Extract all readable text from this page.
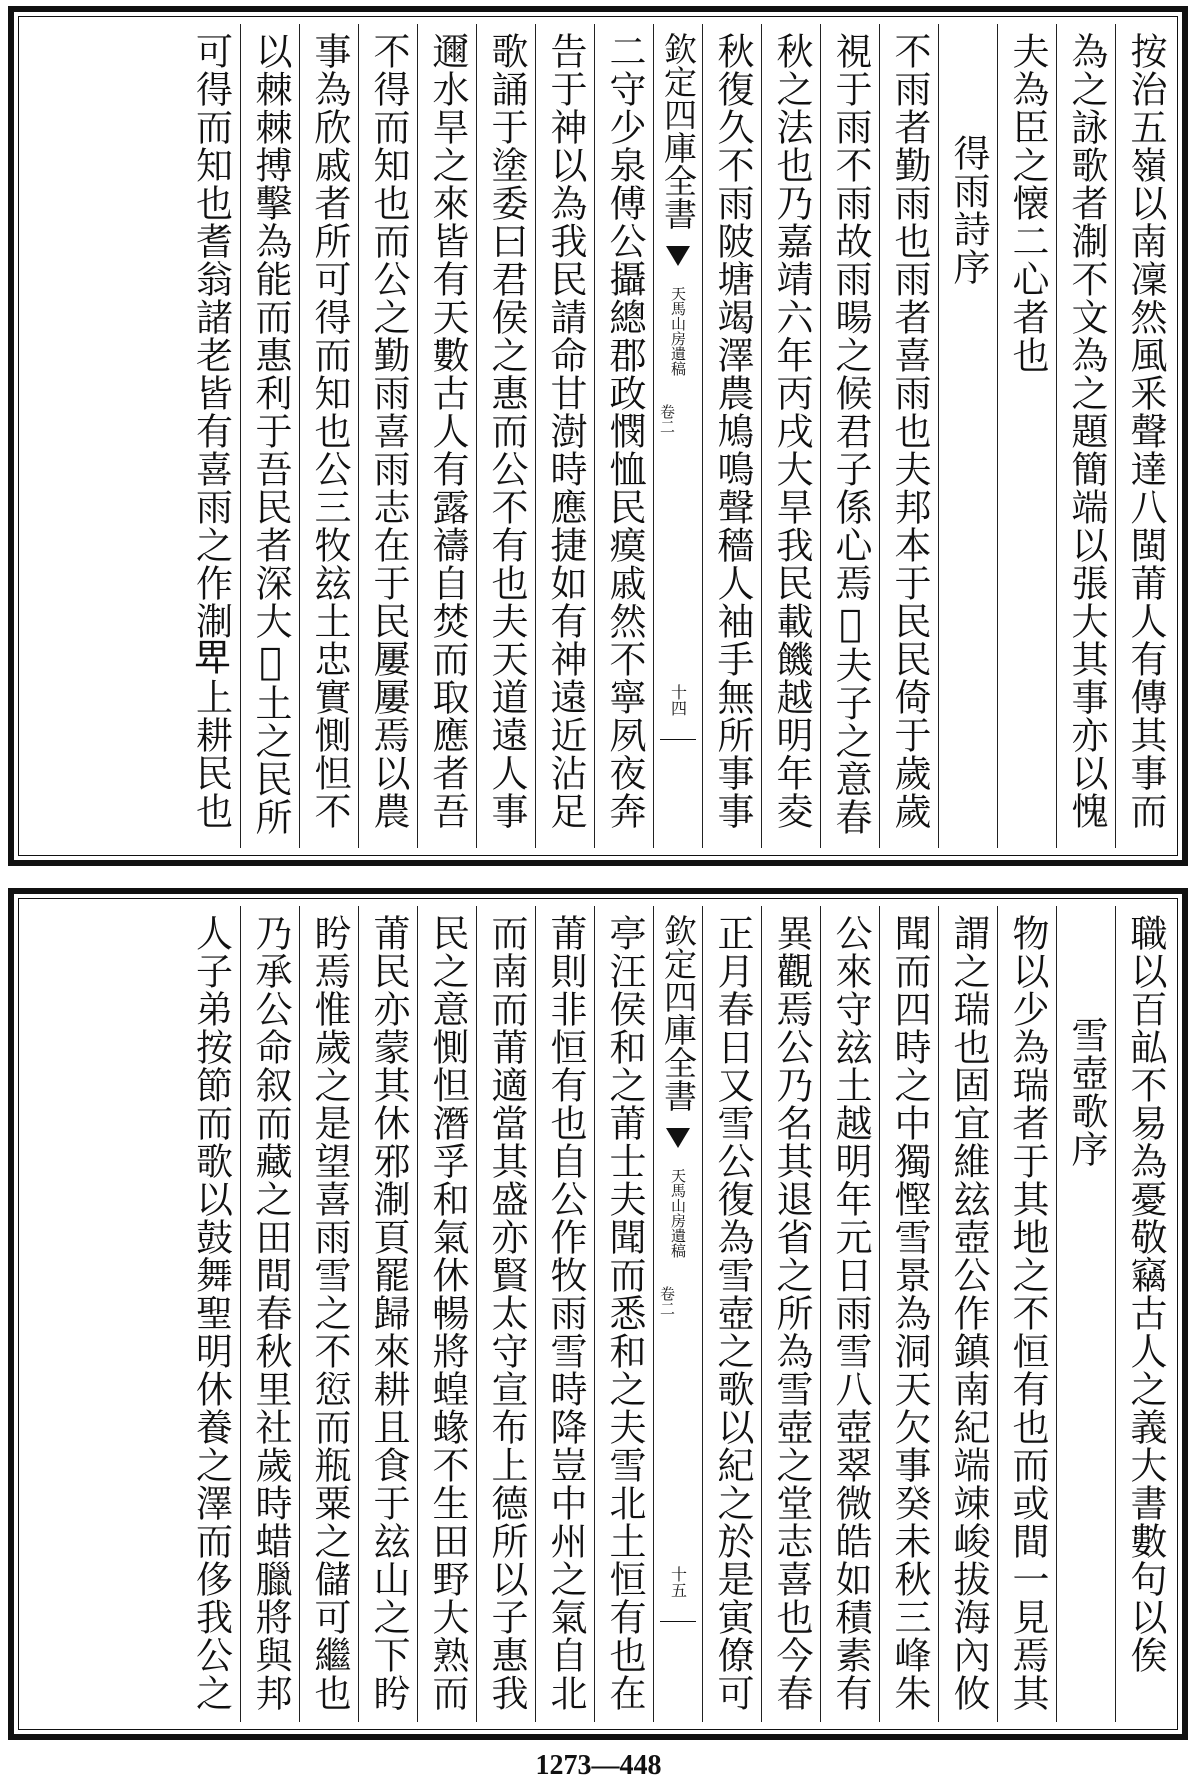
按治五嶺以南凜然風釆聲達八閩莆人有傳其事而
為之詠歌者淛不文為之題簡端以張大其事亦以愧
夫為臣之懐二心者也
得雨詩序
不雨者勤雨也雨者喜雨也夫邦本于民民倚于歲歲
視于雨不雨故雨暘之候君子係心焉𠂀夫子之意春
秋之法也乃嘉靖六年丙戌大旱我民載饑越明年夌
秋復久不雨陂塘竭澤農鳩鳴聲穡人袖手無所事事
欽定四庫全書
天馬山房遺稿
卷二
十四
二守少泉傅公攝總郡政憫恤民瘼戚然不寧夙夜奔
告于神以為我民請命甘澍時應捷如有神遠近沾足
歌誦于塗委曰君侯之惠而公不有也夫天道遠人事
邇水旱之來皆有天數古人有露禱自焚而取應者吾
不得而知也而公之勤雨喜雨志在于民屢屢焉以農
事為欣戚者所可得而知也公三牧玆土忠實惻怛不
以棘棘搏擊為能而惠利于吾民者深大𠂀土之民所
可得而知也耆翁諸老皆有喜雨之作淛𤰞上耕民也
職以百畆不易為憂敬竊古人之義大書數句以俟
雪壺歌序
物以少為瑞者于其地之不恒有也而或間一見焉其
謂之瑞也固宜維玆壺公作鎮南紀端竦峻拔海內攸
聞而四時之中獨慳雪景為洞天欠事癸未秋三峰朱
公來守玆土越明年元日雨雪八壺翠微皓如積素有
異觀焉公乃名其退省之所為雪壺之堂志喜也今春
正月春日又雪公復為雪壺之歌以紀之於是寅僚可
欽定四庫全書
天馬山房遺稿
卷二
十五
亭汪侯和之莆士夫聞而悉和之夫雪北土恒有也在
莆則非恒有也自公作牧雨雪時降豈中州之氣自北
而南而莆適當其盛亦賢太守宣布上德所以子惠我
民之意惻怛潛孚和氣休暢將蝗蝝不生田野大熟而
莆民亦蒙其休邪淛頁罷歸來耕且食于玆山之下盻
盻焉惟歲之是望喜雨雪之不愆而瓶粟之儲可繼也
乃承公命叙而藏之田間春秋里社歲時蜡臘將與邦
人子弟按節而歌以鼓舞聖明休養之澤而侈我公之
1273—448
